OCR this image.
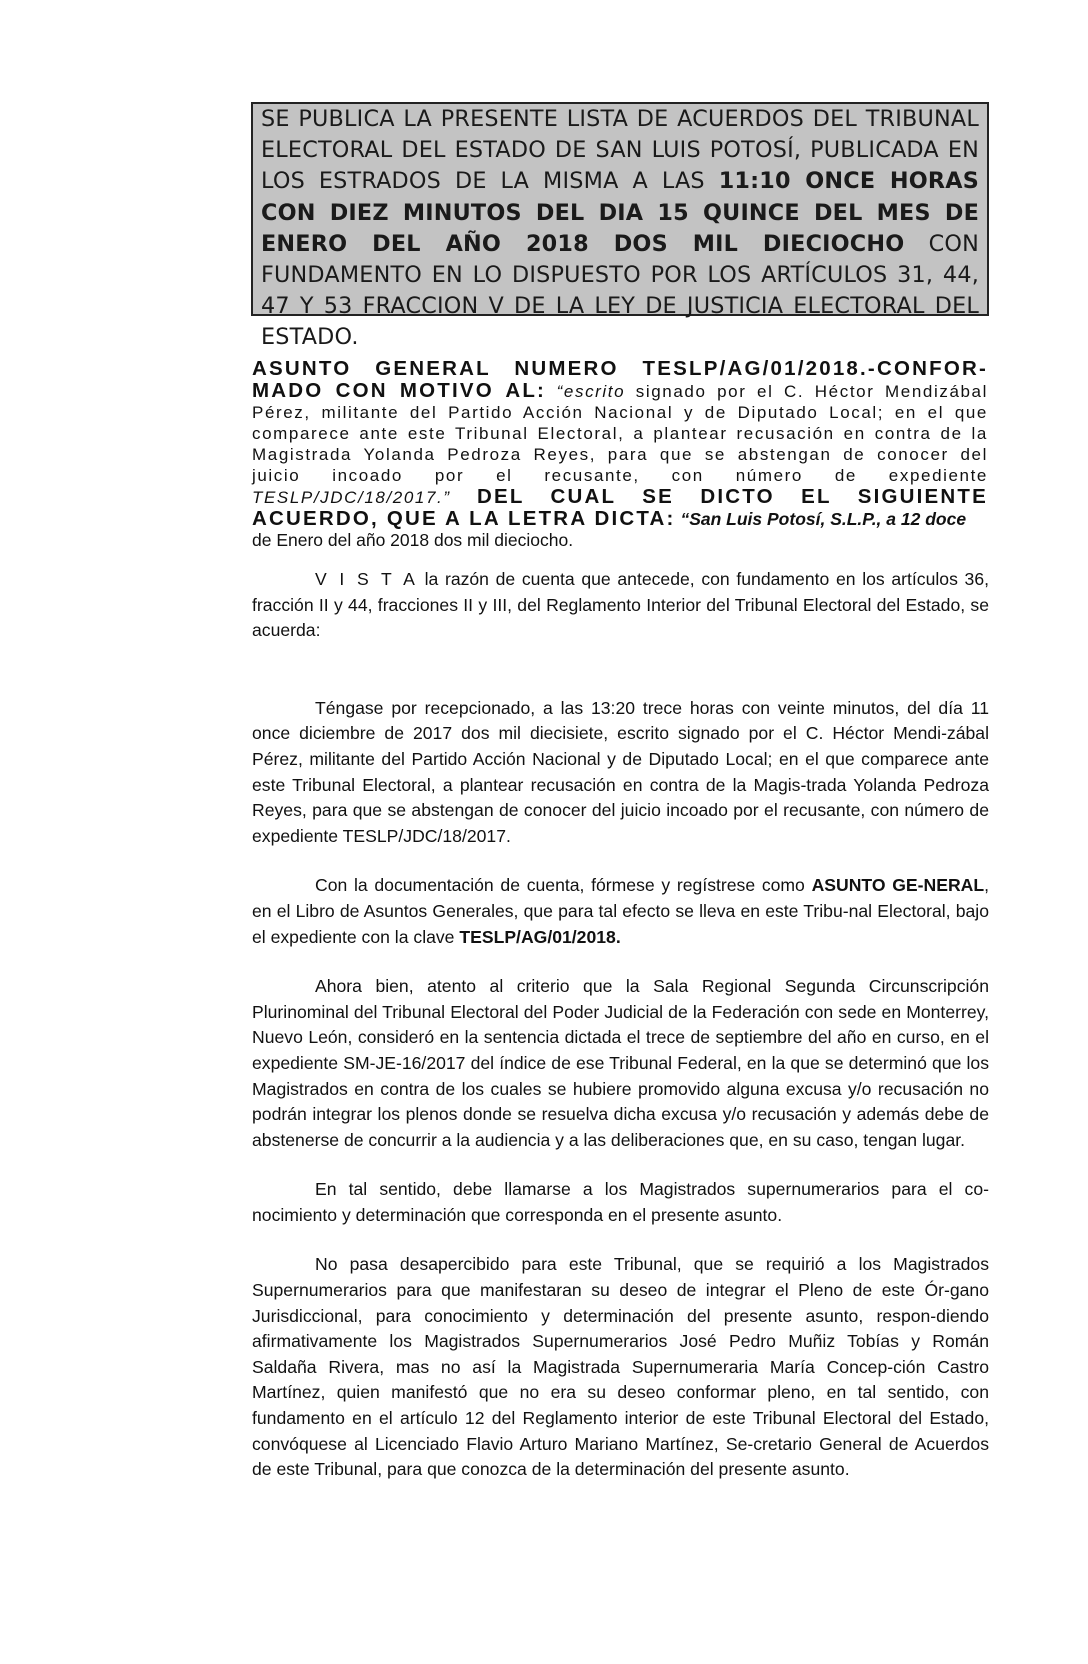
SE PUBLICA LA PRESENTE LISTA DE ACUERDOS DEL TRIBUNAL ELECTORAL DEL ESTADO DE SAN LUIS POTOSÍ, PUBLICADA EN LOS ESTRADOS DE LA MISMA A LAS 11:10 ONCE HORAS CON DIEZ MINUTOS DEL DIA 15 QUINCE DEL MES DE ENERO DEL AÑO 2018 DOS MIL DIECIOCHO CON FUNDAMENTO EN LO DISPUESTO POR LOS ARTÍCULOS 31, 44, 47 Y 53 FRACCION V DE LA LEY DE JUSTICIA ELECTORAL DEL ESTADO.
ASUNTO GENERAL NUMERO TESLP/AG/01/2018.-CONFOR-MADO CON MOTIVO AL: “escrito signado por el C. Héctor Mendizábal Pérez, militante del Partido Acción Nacional y de Diputado Local; en el que comparece ante este Tribunal Electoral, a plantear recusación en contra de la Magistrada Yolanda Pedroza Reyes, para que se abstengan de conocer del juicio incoado por el recusante, con número de expediente TESLP/JDC/18/2017.” DEL CUAL SE DICTO EL SIGUIENTE ACUERDO, QUE A LA LETRA DICTA: “San Luis Potosí, S.L.P., a 12 doce
de Enero del año 2018 dos mil dieciocho.

V I S T A la razón de cuenta que antecede, con fundamento en los artículos 36, fracción II y 44, fracciones II y III, del Reglamento Interior del Tribunal Electoral del Estado, se acuerda:

Téngase por recepcionado, a las 13:20 trece horas con veinte minutos, del día 11 once diciembre de 2017 dos mil diecisiete, escrito signado por el C. Héctor Mendi-zábal Pérez, militante del Partido Acción Nacional y de Diputado Local; en el que comparece ante este Tribunal Electoral, a plantear recusación en contra de la Magis-trada Yolanda Pedroza Reyes, para que se abstengan de conocer del juicio incoado por el recusante, con número de expediente TESLP/JDC/18/2017.

Con la documentación de cuenta, fórmese y regístrese como ASUNTO GE-NERAL, en el Libro de Asuntos Generales, que para tal efecto se lleva en este Tribu-nal Electoral, bajo el expediente con la clave TESLP/AG/01/2018.

Ahora bien, atento al criterio que la Sala Regional Segunda Circunscripción Plurinominal del Tribunal Electoral del Poder Judicial de la Federación con sede en Monterrey, Nuevo León, consideró en la sentencia dictada el trece de septiembre del año en curso, en el expediente SM-JE-16/2017 del índice de ese Tribunal Federal, en la que se determinó que los Magistrados en contra de los cuales se hubiere promovido alguna excusa y/o recusación no podrán integrar los plenos donde se resuelva dicha excusa y/o recusación y además debe de abstenerse de concurrir a la audiencia y a las deliberaciones que, en su caso, tengan lugar.

En tal sentido, debe llamarse a los Magistrados supernumerarios para el co-nocimiento y determinación que corresponda en el presente asunto.

No pasa desapercibido para este Tribunal, que se requirió a los Magistrados Supernumerarios para que manifestaran su deseo de integrar el Pleno de este Ór-gano Jurisdiccional, para conocimiento y determinación del presente asunto, respon-diendo afirmativamente los Magistrados Supernumerarios José Pedro Muñiz Tobías y Román Saldaña Rivera, mas no así la Magistrada Supernumeraria María Concep-ción Castro Martínez, quien manifestó que no era su deseo conformar pleno, en tal sentido, con fundamento en el artículo 12 del Reglamento interior de este Tribunal Electoral del Estado, convóquese al Licenciado Flavio Arturo Mariano Martínez, Se-cretario General de Acuerdos de este Tribunal, para que conozca de la determinación del presente asunto.
